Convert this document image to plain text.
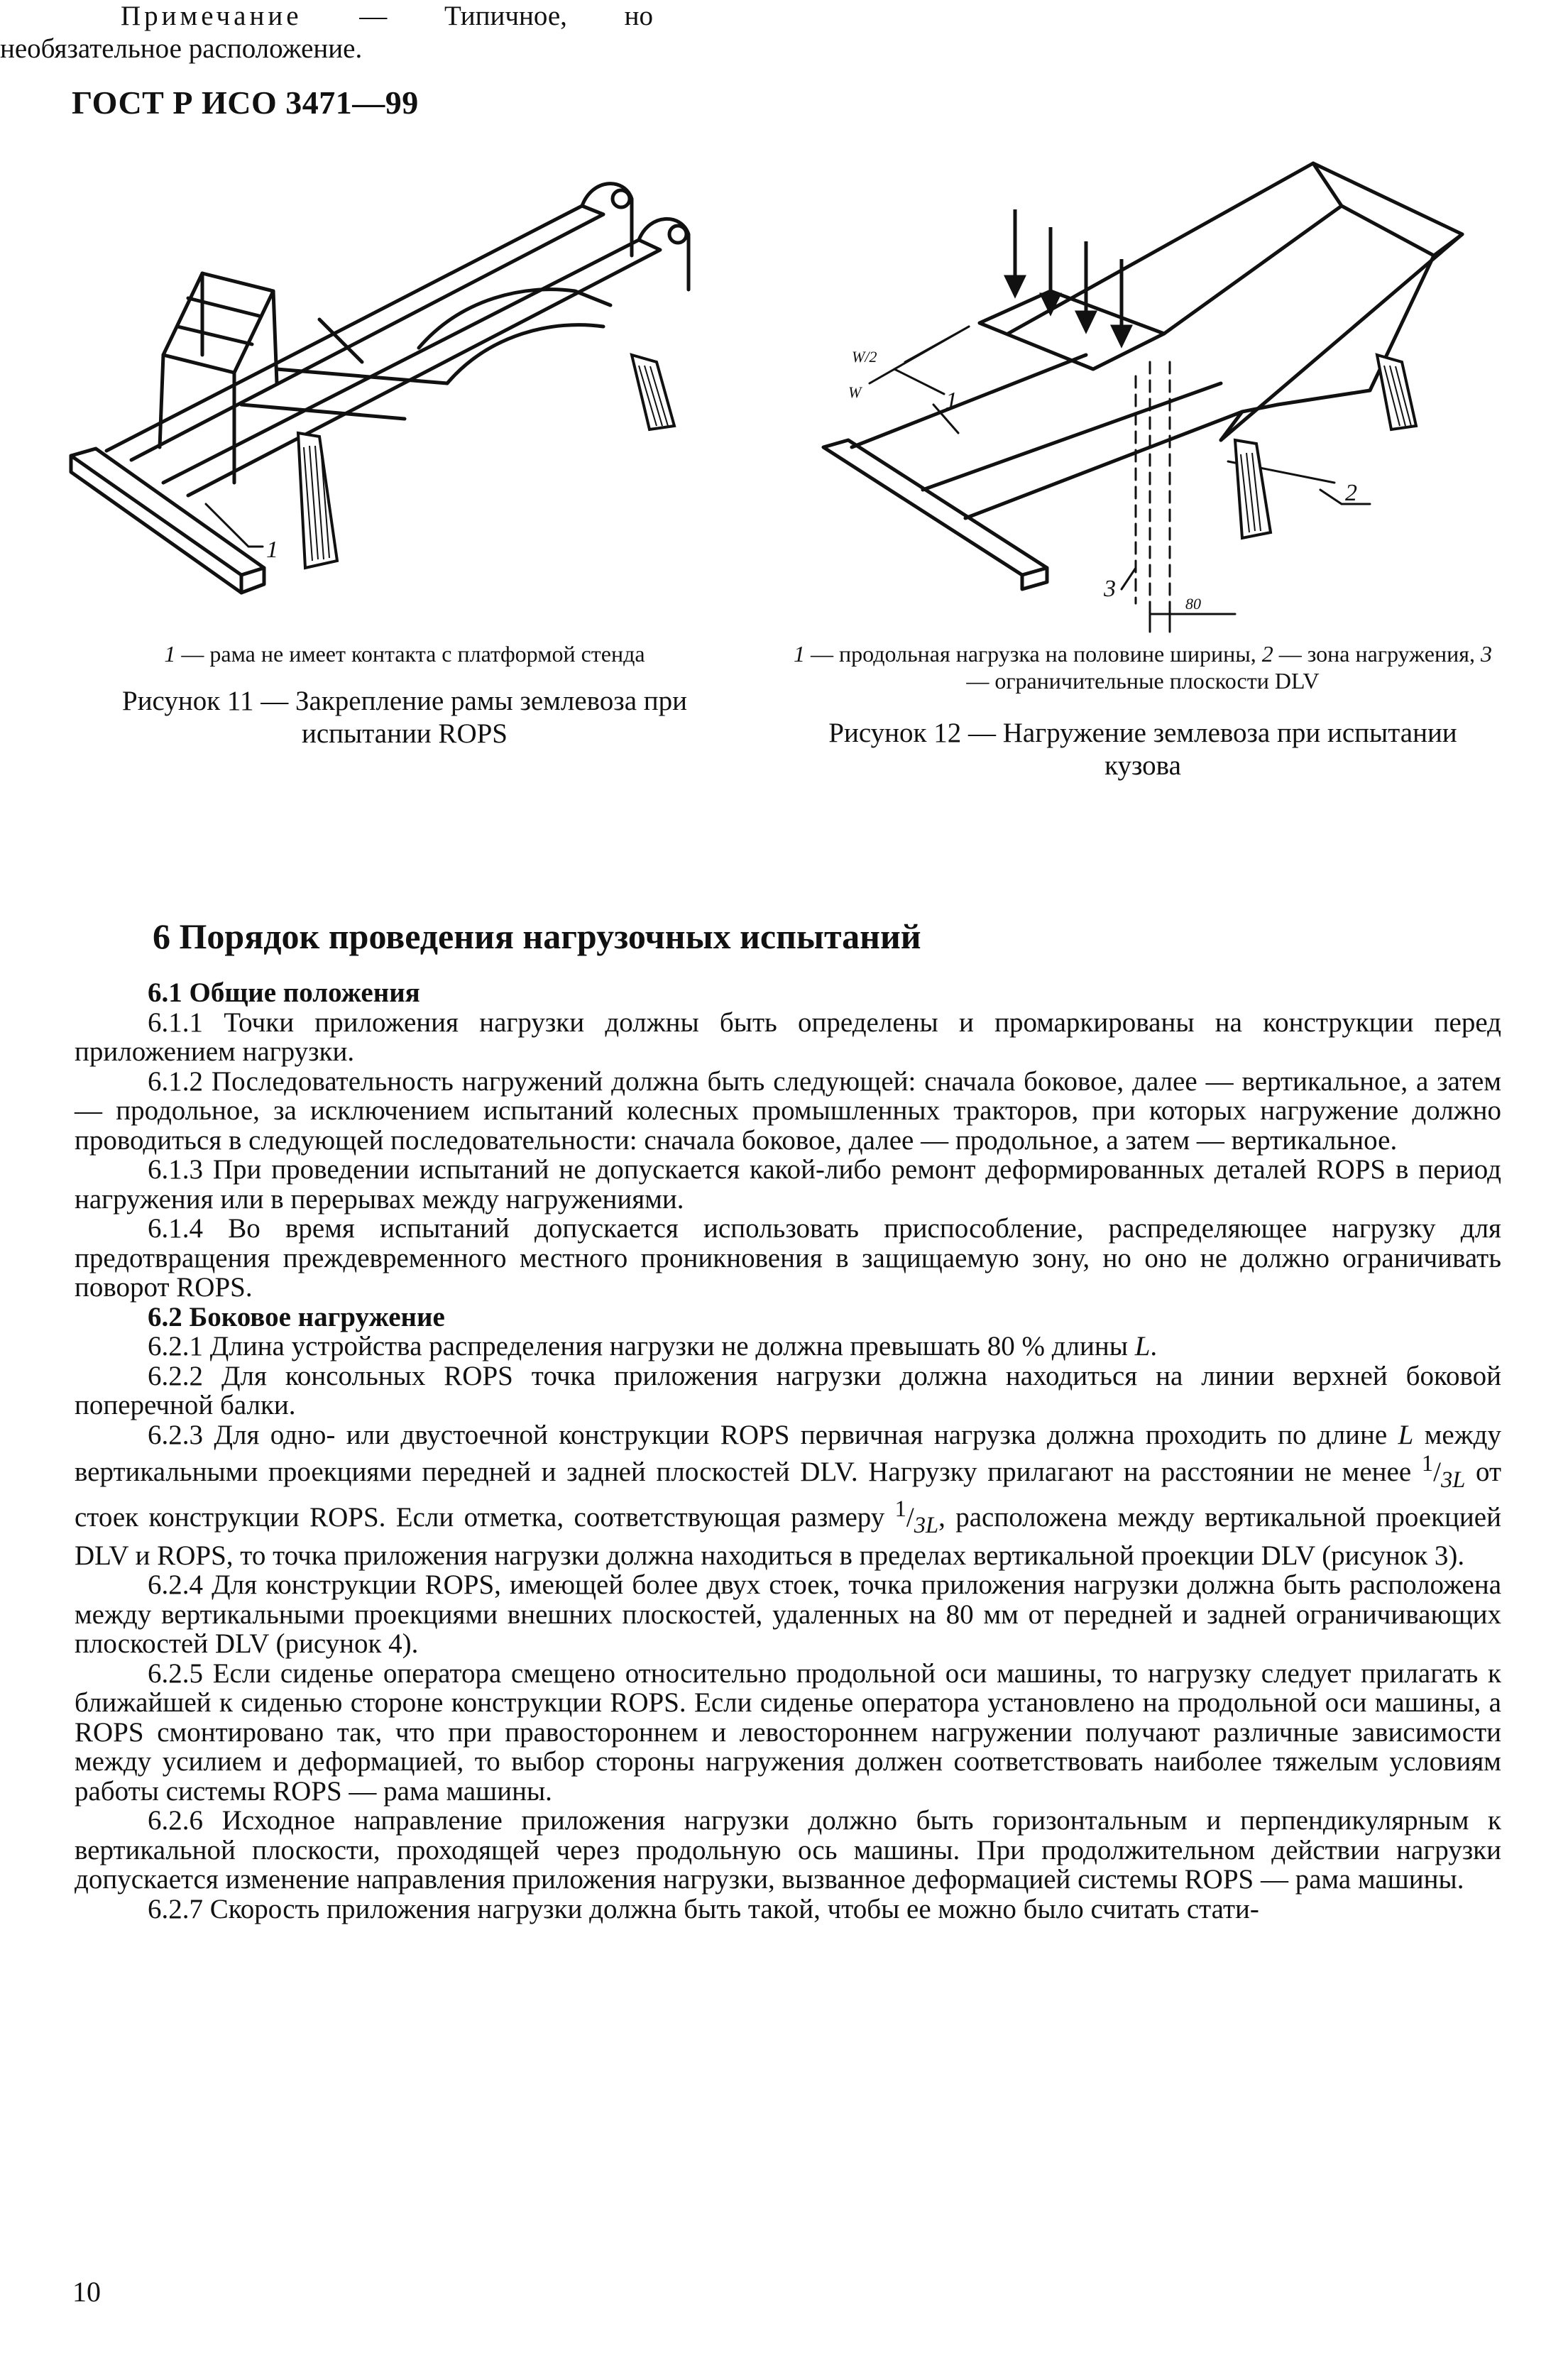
ГОСТ Р ИСО 3471—99
1
1 — рама не имеет контакта с платформой стенда
Рисунок 11 — Закрепление рамы землевоза при испытании ROPS
Примечание — Типичное, но необязательное расположение.
W/2
W	1
2
3
80
1 — продольная нагрузка на половине ширины, 2 — зона нагружения, 3 — ограничительные плоскости DLV
Рисунок 12 — Нагружение землевоза при испытании кузова
6 Порядок проведения нагрузочных испытаний
6.1 Общие положения

6.1.1 Точки приложения нагрузки должны быть определены и промаркированы на конструкции перед приложением нагрузки.

6.1.2 Последовательность нагружений должна быть следующей: сначала боковое, далее — вертикальное, а затем — продольное, за исключением испытаний колесных промышленных тракторов, при которых нагружение должно проводиться в следующей последовательности: сначала боковое, далее — продольное, а затем — вертикальное.

6.1.3 При проведении испытаний не допускается какой-либо ремонт деформированных деталей ROPS в период нагружения или в перерывах между нагружениями.

6.1.4 Во время испытаний допускается использовать приспособление, распределяющее нагрузку для предотвращения преждевременного местного проникновения в защищаемую зону, но оно не должно ограничивать поворот ROPS.

6.2 Боковое нагружение

6.2.1 Длина устройства распределения нагрузки не должна превышать 80 % длины L.

6.2.2 Для консольных ROPS точка приложения нагрузки должна находиться на линии верхней боковой поперечной балки.

6.2.3 Для одно- или двустоечной конструкции ROPS первичная нагрузка должна проходить по длине L между вертикальными проекциями передней и задней плоскостей DLV. Нагрузку прилагают на расстоянии не менее $^1/_{3L}$ от стоек конструкции ROPS. Если отметка, соответствующая размеру $^1/_{3L}$, расположена между вертикальной проекцией DLV и ROPS, то точка приложения нагрузки должна находиться в пределах вертикальной проекции DLV (рисунок 3).

6.2.4 Для конструкции ROPS, имеющей более двух стоек, точка приложения нагрузки должна быть расположена между вертикальными проекциями внешних плоскостей, удаленных на 80 мм от передней и задней ограничивающих плоскостей DLV (рисунок 4).

6.2.5 Если сиденье оператора смещено относительно продольной оси машины, то нагрузку следует прилагать к ближайшей к сиденью стороне конструкции ROPS. Если сиденье оператора установлено на продольной оси машины, а ROPS смонтировано так, что при правостороннем и левостороннем нагружении получают различные зависимости между усилием и деформацией, то выбор стороны нагружения должен соответствовать наиболее тяжелым условиям работы системы ROPS — рама машины.

6.2.6 Исходное направление приложения нагрузки должно быть горизонтальным и перпендикулярным к вертикальной плоскости, проходящей через продольную ось машины. При продолжительном действии нагрузки допускается изменение направления приложения нагрузки, вызванное деформацией системы ROPS — рама машины.

6.2.7 Скорость приложения нагрузки должна быть такой, чтобы ее можно было считать стати-

10
